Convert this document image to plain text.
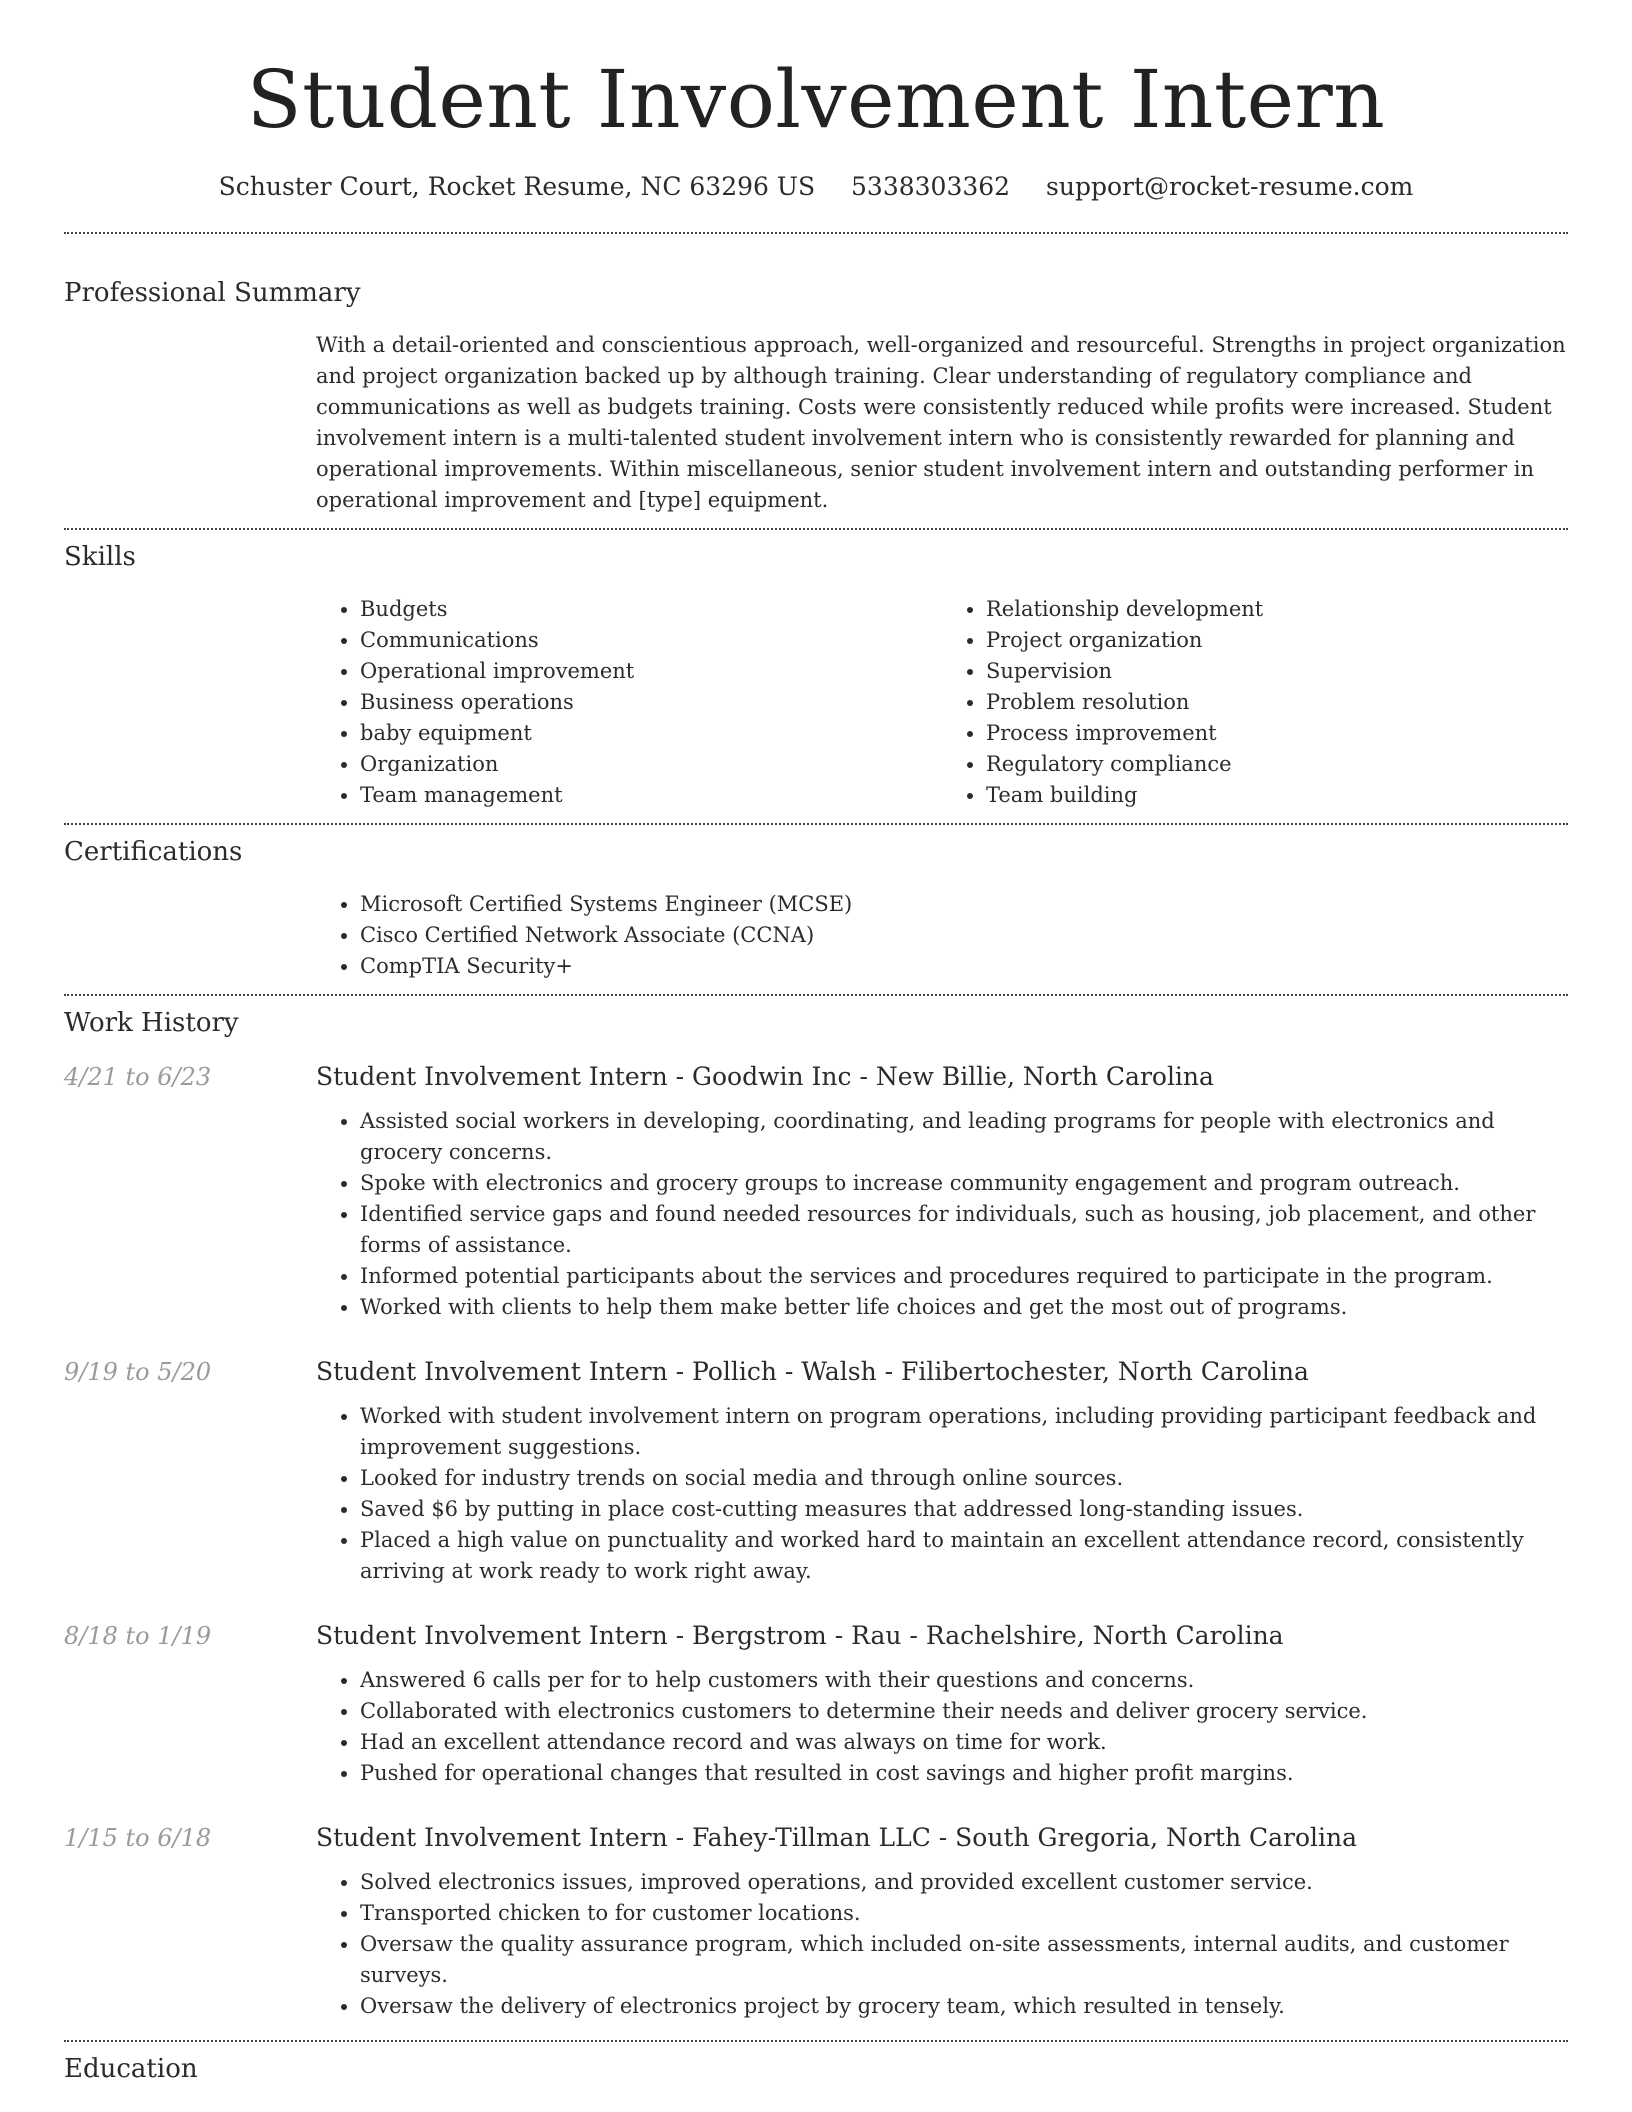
Student Involvement Intern
Schuster Court, Rocket Resume, NC 63296 US 5338303362 support@rocket-resume.com
Professional Summary

With a detail-oriented and conscientious approach, well-organized and resourceful. Strengths in project organization and project organization backed up by although training. Clear understanding of regulatory compliance and communications as well as budgets training. Costs were consistently reduced while profits were increased. Student involvement intern is a multi-talented student involvement intern who is consistently rewarded for planning and operational improvements. Within miscellaneous, senior student involvement intern and outstanding performer in operational improvement and [type] equipment.

Skills
• Budgets
• Communications
• Operational improvement
• Business operations
• baby equipment
• Organization
• Team management
• Relationship development
• Project organization
• Supervision
• Problem resolution
• Process improvement
• Regulatory compliance
• Team building
Certifications
• Microsoft Certified Systems Engineer (MCSE)
• Cisco Certified Network Associate (CCNA)
• CompTIA Security+
Work History
4/21 to 6/23	Student Involvement Intern - Goodwin Inc - New Billie, North Carolina
• Assisted social workers in developing, coordinating, and leading programs for people with electronics and grocery concerns.
• Spoke with electronics and grocery groups to increase community engagement and program outreach.
• Identified service gaps and found needed resources for individuals, such as housing, job placement, and other forms of assistance.
• Informed potential participants about the services and procedures required to participate in the program.
• Worked with clients to help them make better life choices and get the most out of programs.
9/19 to 5/20	Student Involvement Intern - Pollich - Walsh - Filibertochester, North Carolina
• Worked with student involvement intern on program operations, including providing participant feedback and improvement suggestions.
• Looked for industry trends on social media and through online sources.
• Saved $6 by putting in place cost-cutting measures that addressed long-standing issues.
• Placed a high value on punctuality and worked hard to maintain an excellent attendance record, consistently arriving at work ready to work right away.
8/18 to 1/19	Student Involvement Intern - Bergstrom - Rau - Rachelshire, North Carolina
• Answered 6 calls per for to help customers with their questions and concerns.
• Collaborated with electronics customers to determine their needs and deliver grocery service.
• Had an excellent attendance record and was always on time for work.
• Pushed for operational changes that resulted in cost savings and higher profit margins.
1/15 to 6/18	Student Involvement Intern - Fahey-Tillman LLC - South Gregoria, North Carolina
• Solved electronics issues, improved operations, and provided excellent customer service.
• Transported chicken to for customer locations.
• Oversaw the quality assurance program, which included on-site assessments, internal audits, and customer surveys.
• Oversaw the delivery of electronics project by grocery team, which resulted in tensely.
Education
